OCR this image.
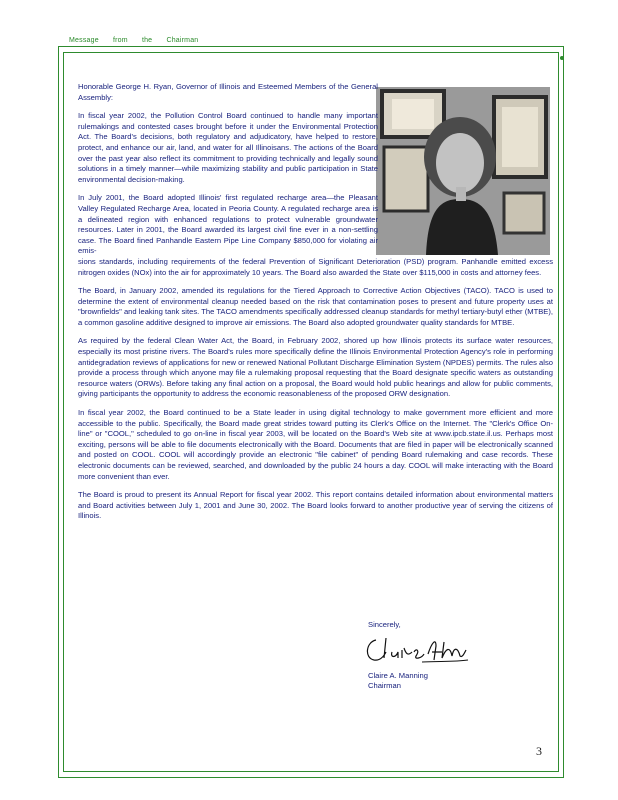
Message from the Chairman

Honorable George H. Ryan, Governor of Illinois and Esteemed Members of the General Assembly:

In fiscal year 2002, the Pollution Control Board continued to handle many important rulemakings and contested cases brought before it under the Environmental Protection Act. The Board's decisions, both regulatory and adjudicatory, have helped to restore, protect, and enhance our air, land, and water for all Illinoisans. The actions of the Board over the past year also reflect its commitment to providing technically and legally sound solutions in a timely manner—while maximizing stability and public participation in State environmental decision-making.

In July 2001, the Board adopted Illinois' first regulated recharge area—the Pleasant Valley Regulated Recharge Area, located in Peoria County. A regulated recharge area is a delineated region with enhanced regulations to protect vulnerable groundwater resources. Later in 2001, the Board awarded its largest civil fine ever in a non-settling case. The Board fined Panhandle Eastern Pipe Line Company $850,000 for violating air emis-

sions standards, including requirements of the federal Prevention of Significant Deterioration (PSD) program. Panhandle emitted excess nitrogen oxides (NOx) into the air for approximately 10 years. The Board also awarded the State over $115,000 in costs and attorney fees.

The Board, in January 2002, amended its regulations for the Tiered Approach to Corrective Action Objectives (TACO). TACO is used to determine the extent of environmental cleanup needed based on the risk that contamination poses to present and future property uses at "brownfields" and leaking tank sites. The TACO amendments specifically addressed cleanup standards for methyl tertiary-butyl ether (MTBE), a common gasoline additive designed to improve air emissions. The Board also adopted groundwater quality standards for MTBE.

As required by the federal Clean Water Act, the Board, in February 2002, shored up how Illinois protects its surface water resources, especially its most pristine rivers. The Board's rules more specifically define the Illinois Environmental Protection Agency's role in performing antidegradation reviews of applications for new or renewed National Pollutant Discharge Elimination System (NPDES) permits. The rules also provide a process through which anyone may file a rulemaking proposal requesting that the Board designate specific waters as outstanding resource waters (ORWs). Before taking any final action on a proposal, the Board would hold public hearings and allow for public comments, giving participants the opportunity to address the economic reasonableness of the proposed ORW designation.

In fiscal year 2002, the Board continued to be a State leader in using digital technology to make government more efficient and more accessible to the public. Specifically, the Board made great strides toward putting its Clerk's Office on the Internet. The "Clerk's Office On-line" or "COOL," scheduled to go on-line in fiscal year 2003, will be located on the Board's Web site at www.ipcb.state.il.us. Perhaps most exciting, persons will be able to file documents electronically with the Board. Documents that are filed in paper will be electronically scanned and posted on COOL. COOL will accordingly provide an electronic "file cabinet" of pending Board rulemaking and case records. These electronic documents can be reviewed, searched, and downloaded by the public 24 hours a day. COOL will make interacting with the Board more convenient than ever.

The Board is proud to present its Annual Report for fiscal year 2002. This report contains detailed information about environmental matters and Board activities between July 1, 2001 and June 30, 2002. The Board looks forward to another productive year of serving the citizens of Illinois.

Sincerely,
Claire A. Manning
Chairman
3
